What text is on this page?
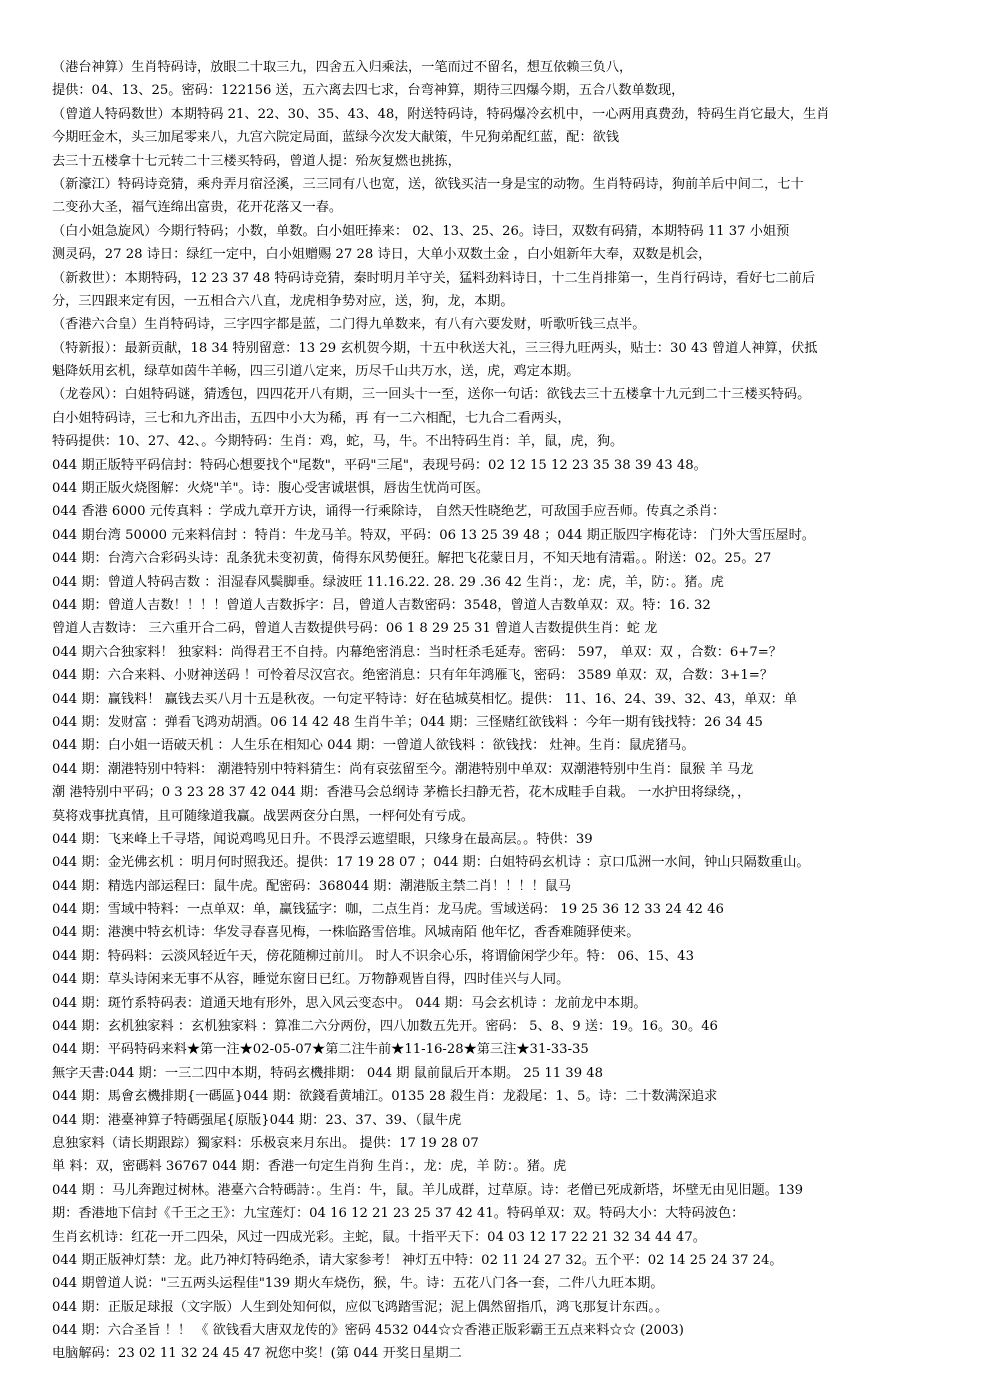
（港台神算）生肖特码诗，放眼二十取三九，四舍五入归乘法，一笔而过不留名，想互依赖三负八，
提供：04、13、25。密码：122156 送，五六离去四七求，台弯神算，期待三四爆今期，五合八数单数现，
（曾道人特码数世）本期特码 21、22、30、35、43、48，附送特码诗，特码爆冷玄机中，一心两用真费劲，特码生肖它最大，生肖
今期旺金木，头三加尾零来八，九宫六院定局面，蓝绿今次发大献策，牛兄狗弟配红蓝，配：欲钱
去三十五楼拿十七元转二十三楼买特码，曾道人提：殆灰复燃也挑拣，
（新濠江）特码诗竞猜，乘舟弄月宿泾溪，三三同有八也宽，送，欲钱买洁一身是宝的动物。生肖特码诗，狗前羊后中间二，七十
二变孙大圣，福气连绵出富贵，花开花落又一春。
（白小姐急旋风）今期行特码；小数，单数。白小姐旺捧来： 02、13、25、26。诗曰，双数有码猜，本期特码 11 37 小姐预
测灵码，27 28 诗日：绿红一定中，白小姐赠赐 27 28 诗日，大单小双数土金 ，白小姐新年大奉，双数是机会，
（新救世）：本期特码，12 23 37 48 特码诗竞猜，秦时明月羊守关，猛料劲料诗日，十二生肖排第一，生肖行码诗，看好七二前后
分，三四跟来定有因，一五相合六八直，龙虎相争势对应，送，狗，龙，本期。
（香港六合皇）生肖特码诗，三字四字都是蓝，二门得九单数来，有八有六要发财，听歌听钱三点半。
（特新报）：最新贡献，18 34 特别留意：13 29 玄机贺今期，十五中秋送大礼，三三得九旺两头，贴士：30 43 曾道人神算，伏抵
魁降妖用玄机，绿草如茵牛羊畅，四三引道八定来，历尽千山共万水，送，虎，鸡定本期。
（龙卷风）：白姐特码谜，猜透包，四四花开八有期，三一回头十一至，送你一句话：欲钱去三十五楼拿十九元到二十三楼买特码。
白小姐特码诗，三七和九齐出击，五四中小大为稀，再 有一二六相配，七九合二看两头，
特码提供：10、27、42、。今期特码：生肖：鸡，蛇，马，牛。不出特码生肖：羊，鼠，虎，狗。
044 期正版特平码信封：特码心想要找个"尾数"，平码"三尾"，表现号码：02 12 15 12 23 35 38 39 43 48。
044 期正版火烧图解：火烧"羊"。诗：腹心受害诚堪惧，唇齿生忧尚可医。
044 香港 6000 元传真料 ：学成九章开方诀，诵得一行乘除诗， 自然天性晓绝艺，可敌国手应吾师。传真之杀肖：
044 期台湾 50000 元来料信封 ：特肖：牛龙马羊。特双，平码：06 13 25 39 48 ；044 期正版四字梅花诗： 门外大雪压屋时。
044 期：台湾六合彩码头诗：乱条犹未变初黄，倚得东风势便狂。解把飞花蒙日月，不知天地有清霜。。附送：02。25。27
044 期：曾道人特码吉数 ：泪湿春风鬓脚垂。绿波旺 11.16.22. 28. 29 .36 42 生肖：，龙：虎，羊，防：。猪。虎
044 期：曾道人吉数！！！！曾道人吉数拆字：吕，曾道人吉数密码：3548，曾道人吉数单双：双。特：16. 32
曾道人吉数诗： 三六重开合二码，曾道人吉数提供号码：06 1 8 29 25 31 曾道人吉数提供生肖：蛇 龙
044 期六合独家料！ 独家料：尚得君王不自持。内幕绝密消息：当时枉杀毛延寿。密码： 597， 单双：双 ，合数：6+7=？
044 期：六合来料、小财神送码 ！可怜着尽汉宫衣。绝密消息：只有年年鸿雁飞，密码： 3589 单双：双，合数：3+1=？
044 期：赢钱料！ 赢钱去买八月十五是秋夜。一句定平特诗：好在毡城莫相忆。提供： 11、16、24、39、32、43，单双：单
044 期：发财富 ：弹看飞鸿劝胡酒。06 14 42 48 生肖牛羊；044 期：三怪赌红欲钱料 ：今年一期有钱找特：26 34 45
044 期：白小姐一语破天机 ：人生乐在相知心 044 期：一曾道人欲钱料 ：欲钱找： 灶神。生肖：鼠虎猪马。
044 期：潮港特别中特料： 潮港特别中特料猜生：尚有哀弦留至今。潮港特别中单双：双潮港特别中生肖：鼠猴 羊 马龙
潮 港特别中平码；0 3 23 28 37 42 044 期：香港马会总纲诗 茅檐长扫静无苔，花木成畦手自栽。 一水护田将绿绕，，
莫将戏事扰真情，且可随缘道我赢。战罢两奁分白黑，一枰何处有亏成。
044 期：飞来峰上千寻塔，闻说鸡鸣见日升。不畏浮云遮望眼，只缘身在最高层。。特供：39
044 期：金光佛玄机 ：明月何时照我还。提供：17 19 28 07 ；044 期：白姐特码玄机诗 ：京口瓜洲一水间，钟山只隔数重山。
044 期：精选内部运程曰：鼠牛虎。配密码：368044 期：潮港版主禁二肖！！！！鼠马
044 期：雪域中特料：一点单双：单，赢钱猛字：咖，二点生肖：龙马虎。雪域送码： 19 25 36 12 33 24 42 46
044 期：港澳中特玄机诗：华发寻春喜见梅，一株临路雪倍堆。风城南陌 他年忆，香香难随驿使来。
044 期：特码料：云淡风轻近午天，傍花随柳过前川。 时人不识余心乐，将谓偷闲学少年。特： 06、15、43
044 期：草头诗闲来无事不从容，睡觉东窗日已红。万物静观皆自得，四时佳兴与人同。
044 期：斑竹系特码表：道通天地有形外，思入风云变态中。 044 期：马会玄机诗 ：龙前龙中本期。
044 期：玄机独家料 ：玄机独家料 ：算准二六分两份，四八加数五先开。密码： 5、8、9 送：19。16。30。46
044 期：平码特码来料★第一注★02-05-07★第二注牛前★11-16-28★第三注★31-33-35
無字天書:044 期：一三二四中本期，特码玄機排期： 044 期 鼠前鼠后开本期。 25 11 39 48
044 期：馬會玄機排期{一碼區}044 期：欲錢看黄埔江。0135 28 殺生肖：龙殺尾：1、5。诗：二十数满深追求
044 期：港臺神算子特碼强尾{原版}044 期：23、37、39、（鼠牛虎
息独家料（请长期跟踪）獨家料：乐极哀来月东出。 提供：17 19 28 07
単 料：双，密碼料 36767 044 期：香港一句定生肖狗 生肖：，龙：虎，羊 防：。猪。虎
044 期 ：马儿奔跑过树林。港臺六合特碼詩：。生肖：牛，鼠。羊儿成群，过草原。诗：老僧已死成新塔，坏壁无由见旧题。139
期：香港地下信封《千王之王》：九宝莲灯：04 16 12 21 23 25 37 42 41。特码单双：双。特码大小：大特码波色：
生肖玄机诗：红花一开二四朵，风过一四成光彩。主蛇，鼠。十指平天下：04 03 12 17 22 21 32 34 44 47。
044 期正版神灯禁：龙。此乃神灯特码绝杀，请大家参考！ 神灯五中特：02 11 24 27 32。五个平：02 14 25 24 37 24。
044 期曾道人说："三五两头运程佳"139 期火车烧伤，猴，牛。诗：五花八门各一套，二件八九旺本期。
044 期：正版足球报（文字版）人生到处知何似，应似飞鸿踏雪泥；泥上偶然留指爪，鸿飞那复计东西。。
044 期：六合圣旨 ！！ 《 欲钱看大唐双龙传的》密码 4532 044☆☆香港正版彩霸王五点来料☆☆ (2003)
电脑解码：23 02 11 32 24 45 47 祝您中奖！(第 044 开奖日星期二
